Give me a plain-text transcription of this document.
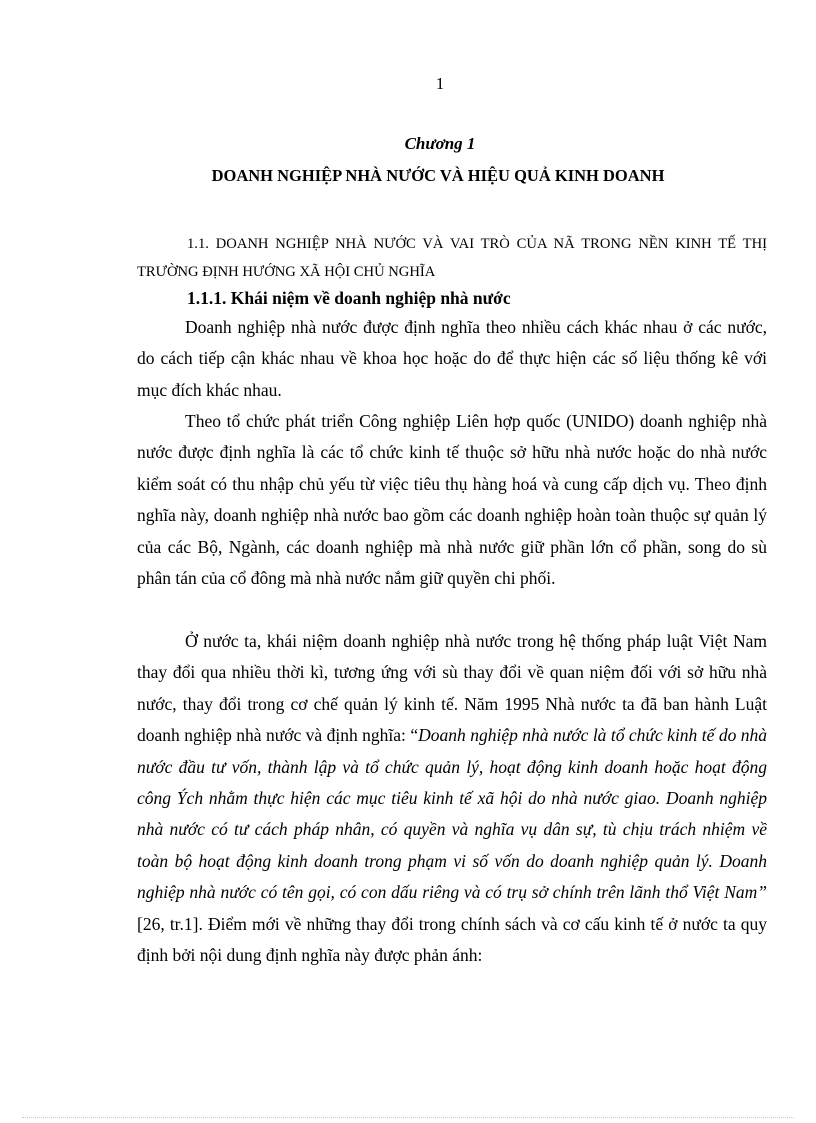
1
Chương 1
DOANH NGHIỆP NHÀ NƯỚC VÀ HIỆU QUẢ KINH DOANH

1.1. DOANH NGHIỆP NHÀ NƯỚC VÀ VAI TRÒ CỦA NÃ TRONG NỀN KINH TẾ THỊ TRƯỜNG ĐỊNH HƯỚNG XÃ HỘI CHỦ NGHĨA

1.1.1. Khái niệm về doanh nghiệp nhà nước

Doanh nghiệp nhà nước được định nghĩa theo nhiều cách khác nhau ở các nước, do cách tiếp cận khác nhau về khoa học hoặc do để thực hiện các số liệu thống kê với mục đích khác nhau.

Theo tổ chức phát triển Công nghiệp Liên hợp quốc (UNIDO) doanh nghiệp nhà nước được định nghĩa là các tổ chức kinh tế thuộc sở hữu nhà nước hoặc do nhà nước kiểm soát có thu nhập chủ yếu từ việc tiêu thụ hàng hoá và cung cấp dịch vụ. Theo định nghĩa này, doanh nghiệp nhà nước bao gồm các doanh nghiệp hoàn toàn thuộc sự quản lý của các Bộ, Ngành, các doanh nghiệp mà nhà nước giữ phần lớn cổ phần, song do sù phân tán của cổ đông mà nhà nước nắm giữ quyền chi phối.

Ở nước ta, khái niệm doanh nghiệp nhà nước trong hệ thống pháp luật Việt Nam thay đổi qua nhiều thời kì, tương ứng với sù thay đổi về quan niệm đối với sở hữu nhà nước, thay đổi trong cơ chế quản lý kinh tế. Năm 1995 Nhà nước ta đã ban hành Luật doanh nghiệp nhà nước và định nghĩa: “Doanh nghiệp nhà nước là tổ chức kinh tế do nhà nước đầu tư vốn, thành lập và tổ chức quản lý, hoạt động kinh doanh hoặc hoạt động công Ých nhằm thực hiện các mục tiêu kinh tế xã hội do nhà nước giao. Doanh nghiệp nhà nước có tư cách pháp nhân, có quyền và nghĩa vụ dân sự, tù chịu trách nhiệm về toàn bộ hoạt động kinh doanh trong phạm vi số vốn do doanh nghiệp quản lý. Doanh nghiệp nhà nước có tên gọi, có con dấu riêng và có trụ sở chính trên lãnh thổ Việt Nam” [26, tr.1]. Điểm mới về những thay đổi trong chính sách và cơ cấu kinh tế ở nước ta quy định bởi nội dung định nghĩa này được phản ánh:
